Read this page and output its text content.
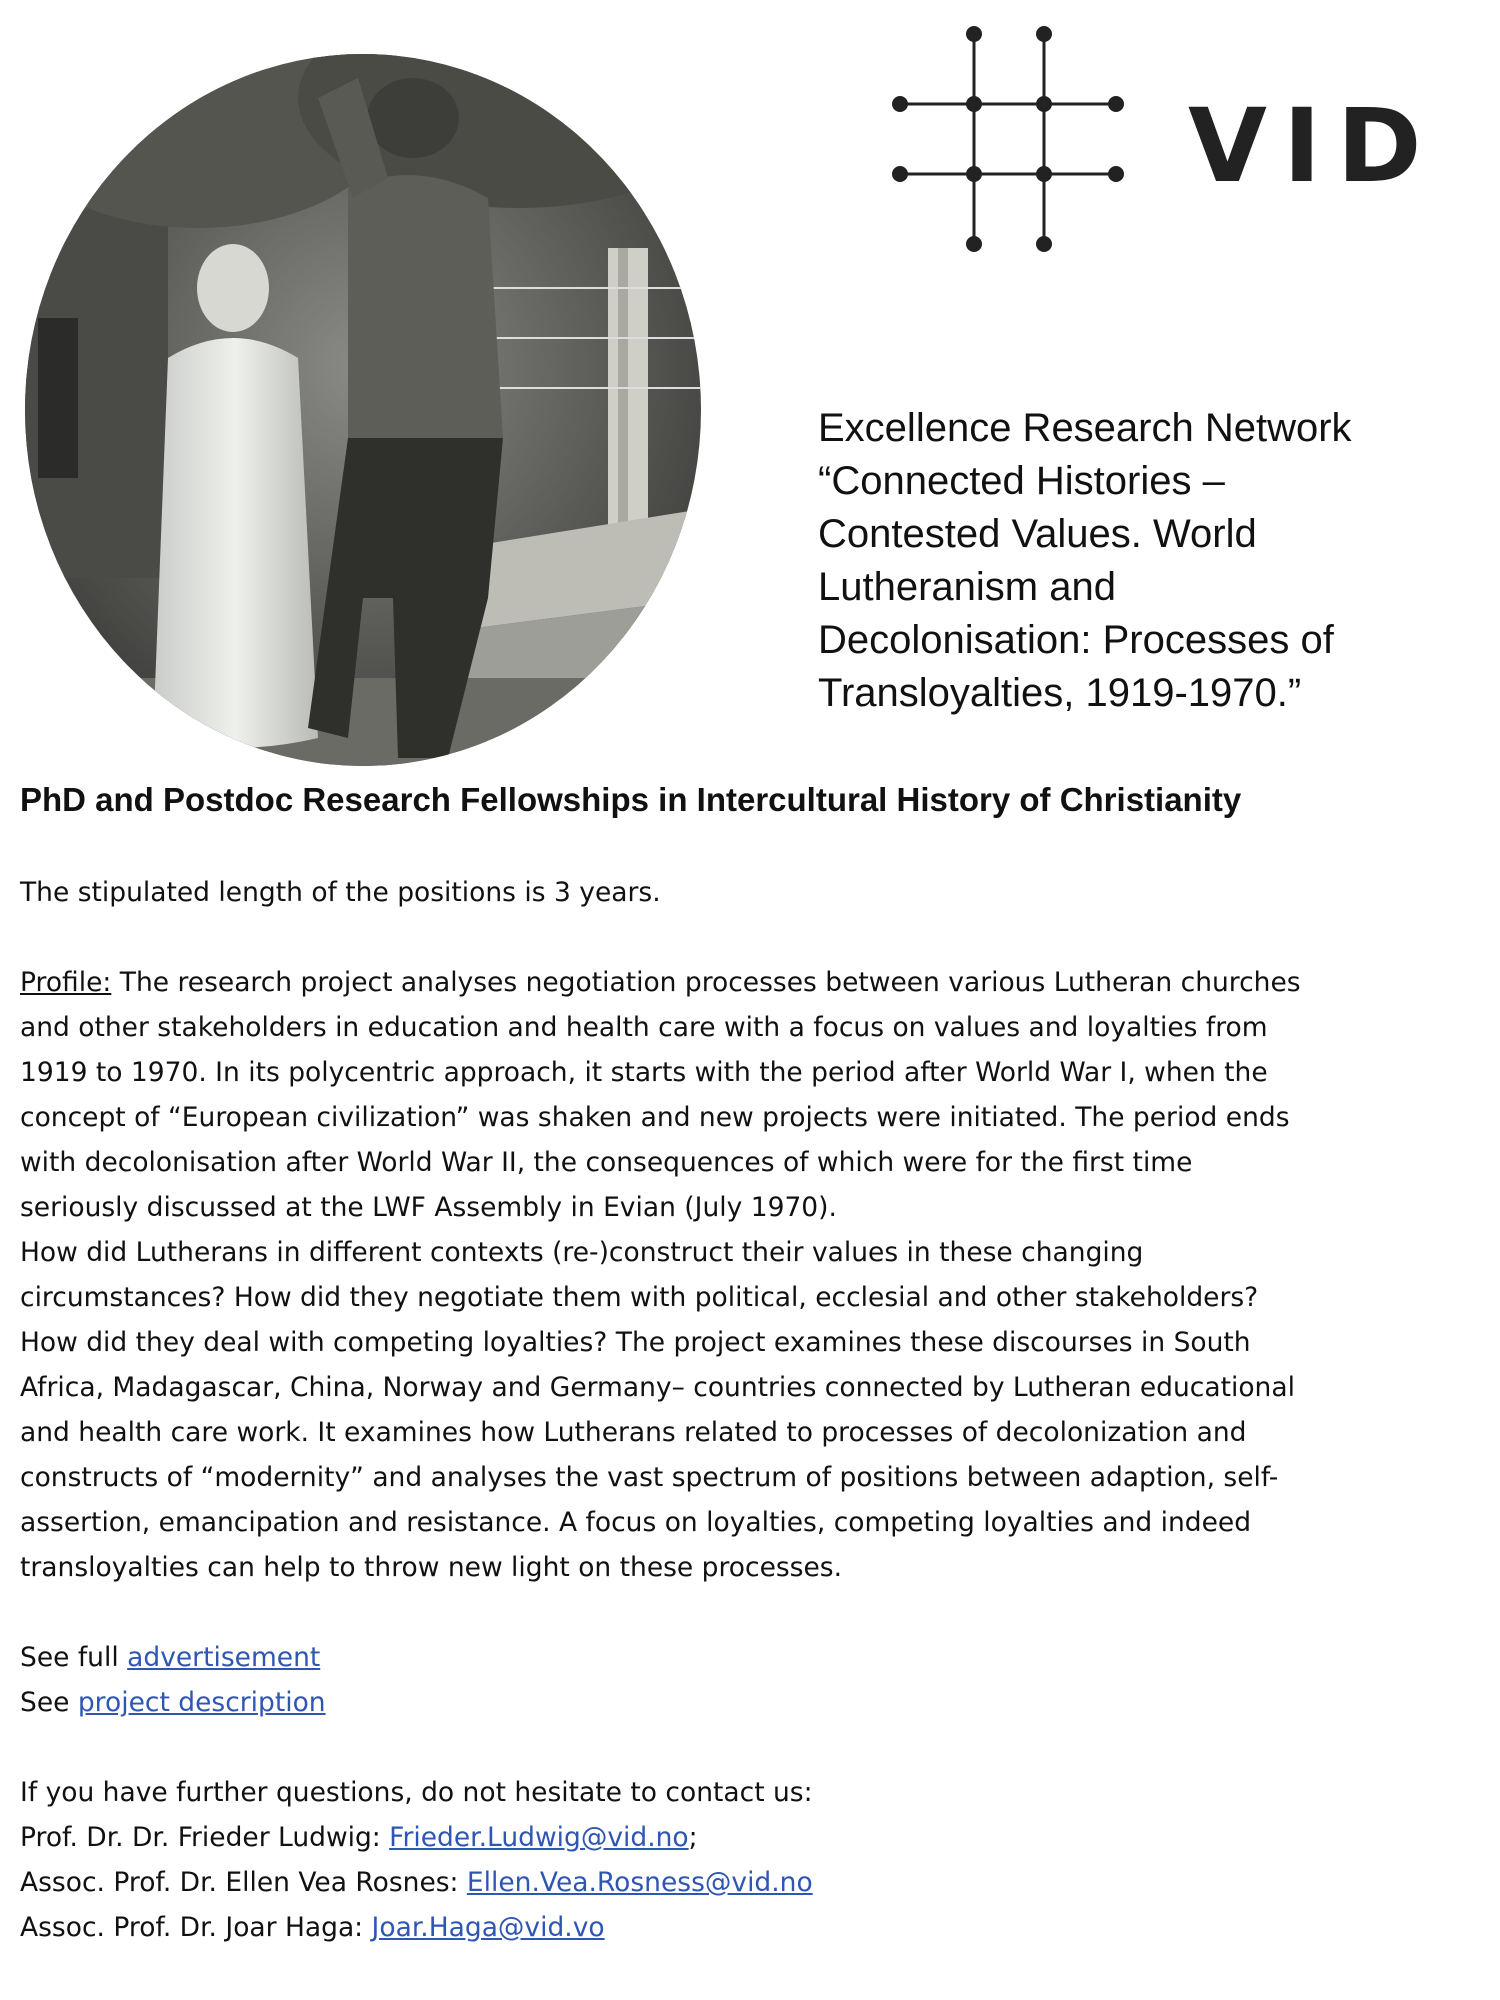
VID
Excellence Research Network
“Connected Histories –
Contested Values. World
Lutheranism and
Decolonisation: Processes of
Transloyalties, 1919-1970.”
PhD and Postdoc Research Fellowships in Intercultural History of Christianity
The stipulated length of the positions is 3 years.
Profile: The research project analyses negotiation processes between various Lutheran churches
and other stakeholders in education and health care with a focus on values and loyalties from
1919 to 1970. In its polycentric approach, it starts with the period after World War I, when the
concept of “European civilization” was shaken and new projects were initiated. The period ends
with decolonisation after World War II, the consequences of which were for the first time
seriously discussed at the LWF Assembly in Evian (July 1970).
How did Lutherans in different contexts (re-)construct their values in these changing
circumstances? How did they negotiate them with political, ecclesial and other stakeholders?
How did they deal with competing loyalties? The project examines these discourses in South
Africa, Madagascar, China, Norway and Germany– countries connected by Lutheran educational
and health care work. It examines how Lutherans related to processes of decolonization and
constructs of “modernity” and analyses the vast spectrum of positions between adaption, self-
assertion, emancipation and resistance. A focus on loyalties, competing loyalties and indeed
transloyalties can help to throw new light on these processes.
See full advertisement
See project description
If you have further questions, do not hesitate to contact us:
Prof. Dr. Dr. Frieder Ludwig: Frieder.Ludwig@vid.no;
Assoc. Prof. Dr. Ellen Vea Rosnes: Ellen.Vea.Rosness@vid.no
Assoc. Prof. Dr. Joar Haga: Joar.Haga@vid.vo
